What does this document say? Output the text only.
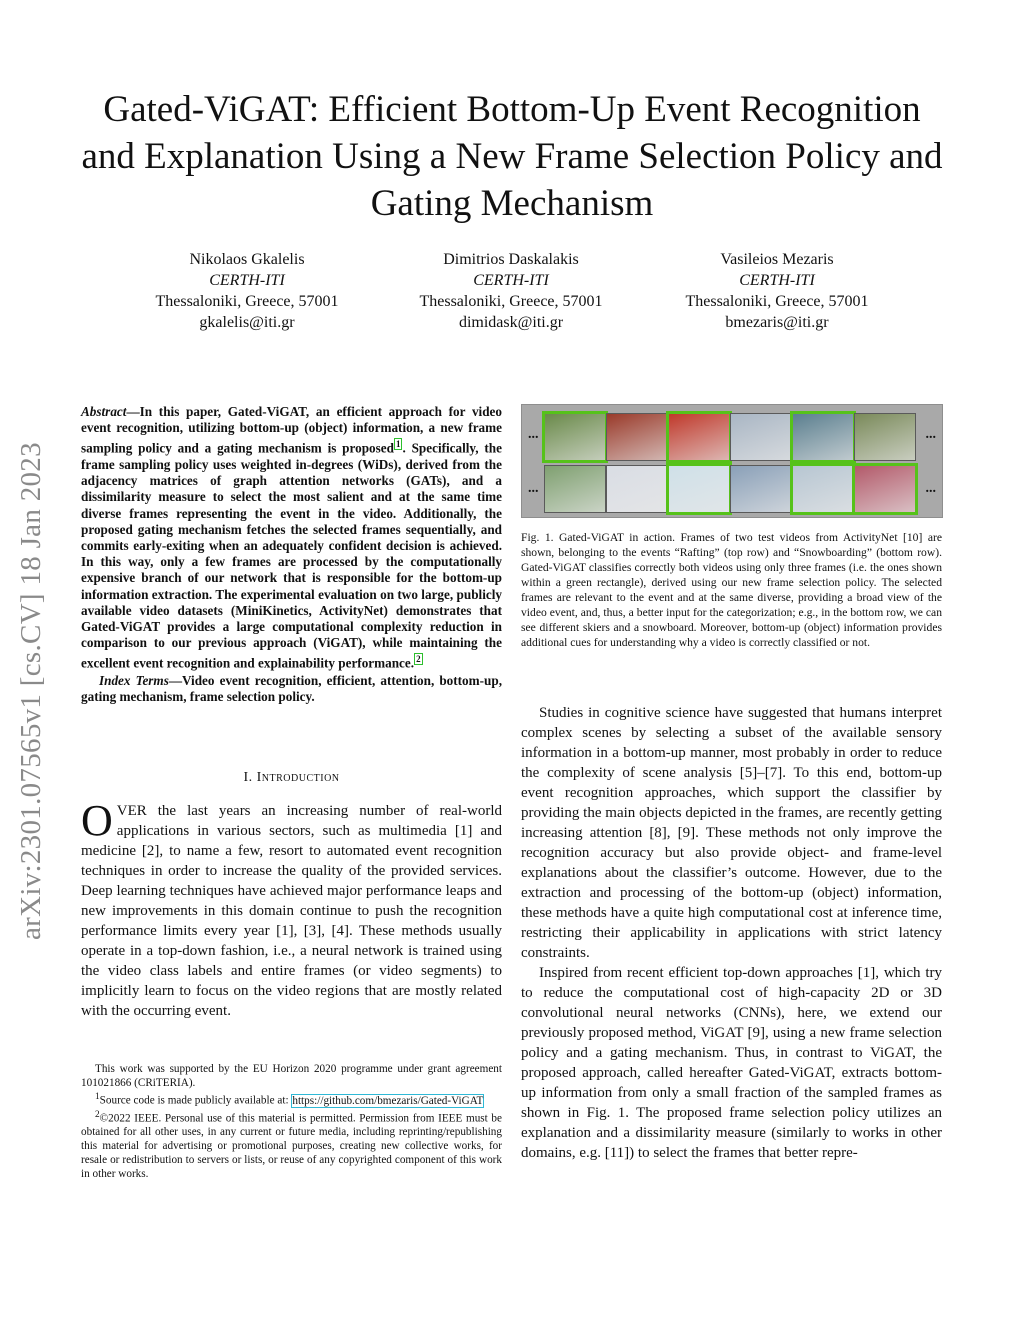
Gated-ViGAT: Efficient Bottom-Up Event Recognition and Explanation Using a New Frame Selection Policy and Gating Mechanism
Nikolaos Gkalelis
CERTH-ITI
Thessaloniki, Greece, 57001
gkalelis@iti.gr
Dimitrios Daskalakis
CERTH-ITI
Thessaloniki, Greece, 57001
dimidask@iti.gr
Vasileios Mezaris
CERTH-ITI
Thessaloniki, Greece, 57001
bmezaris@iti.gr
arXiv:2301.07565v1 [cs.CV] 18 Jan 2023
Abstract—In this paper, Gated-ViGAT, an efficient approach for video event recognition, utilizing bottom-up (object) information, a new frame sampling policy and a gating mechanism is proposed $^1$ . Specifically, the frame sampling policy uses weighted in-degrees (WiDs), derived from the adjacency matrices of graph attention networks (GATs), and a dissimilarity measure to select the most salient and at the same time diverse frames representing the event in the video. Additionally, the proposed gating mechanism fetches the selected frames sequentially, and commits early-exiting when an adequately confident decision is achieved. In this way, only a few frames are processed by the computationally expensive branch of our network that is responsible for the bottom-up information extraction. The experimental evaluation on two large, publicly available video datasets (MiniKinetics, ActivityNet) demonstrates that Gated-ViGAT provides a large computational complexity reduction in comparison to our previous approach (ViGAT), while maintaining the excellent event recognition and explainability performance. $^2$
Index Terms—Video event recognition, efficient, attention, bottom-up, gating mechanism, frame selection policy.
I. Introduction
OVER the last years an increasing number of real-world applications in various sectors, such as multimedia [1] and medicine [2], to name a few, resort to automated event recognition techniques in order to increase the quality of the provided services. Deep learning techniques have achieved major performance leaps and new improvements in this domain continue to push the recognition performance limits every year [1], [3], [4]. These methods usually operate in a top-down fashion, i.e., a neural network is trained using the video class labels and entire frames (or video segments) to implicitly learn to focus on the video regions that are mostly related with the occurring event.

This work was supported by the EU Horizon 2020 programme under grant agreement 101021866 (CRiTERIA).

$^1$Source code is made publicly available at: https://github.com/bmezaris/Gated-ViGAT

$^2$©2022 IEEE. Personal use of this material is permitted. Permission from IEEE must be obtained for all other uses, in any current or future media, including reprinting/republishing this material for advertising or promotional purposes, creating new collective works, for resale or redistribution to servers or lists, or reuse of any copyrighted component of this work in other works.

...	...
...	...
Fig. 1. Gated-ViGAT in action. Frames of two test videos from ActivityNet [10] are shown, belonging to the events “Rafting” (top row) and “Snowboarding” (bottom row). Gated-ViGAT classifies correctly both videos using only three frames (i.e. the ones shown within a green rectangle), derived using our new frame selection policy. The selected frames are relevant to the event and at the same diverse, providing a broad view of the video event, and, thus, a better input for the categorization; e.g., in the bottom row, we can see different skiers and a snowboard. Moreover, bottom-up (object) information provides additional cues for understanding why a video is correctly classified or not.

Studies in cognitive science have suggested that humans interpret complex scenes by selecting a subset of the available sensory information in a bottom-up manner, most probably in order to reduce the complexity of scene analysis [5]–[7]. To this end, bottom-up event recognition approaches, which support the classifier by providing the main objects depicted in the frames, are recently getting increasing attention [8], [9]. These methods not only improve the recognition accuracy but also provide object- and frame-level explanations about the classifier’s outcome. However, due to the extraction and processing of the bottom-up (object) information, these methods have a quite high computational cost at inference time, restricting their applicability in applications with strict latency constraints.

Inspired from recent efficient top-down approaches [1], which try to reduce the computational cost of high-capacity 2D or 3D convolutional neural networks (CNNs), here, we extend our previously proposed method, ViGAT [9], using a new frame selection policy and a gating mechanism. Thus, in contrast to ViGAT, the proposed approach, called hereafter Gated-ViGAT, extracts bottom-up information from only a small fraction of the sampled frames as shown in Fig. 1. The proposed frame selection policy utilizes an explanation and a dissimilarity measure (similarly to works in other domains, e.g. [11]) to select the frames that better repre-
